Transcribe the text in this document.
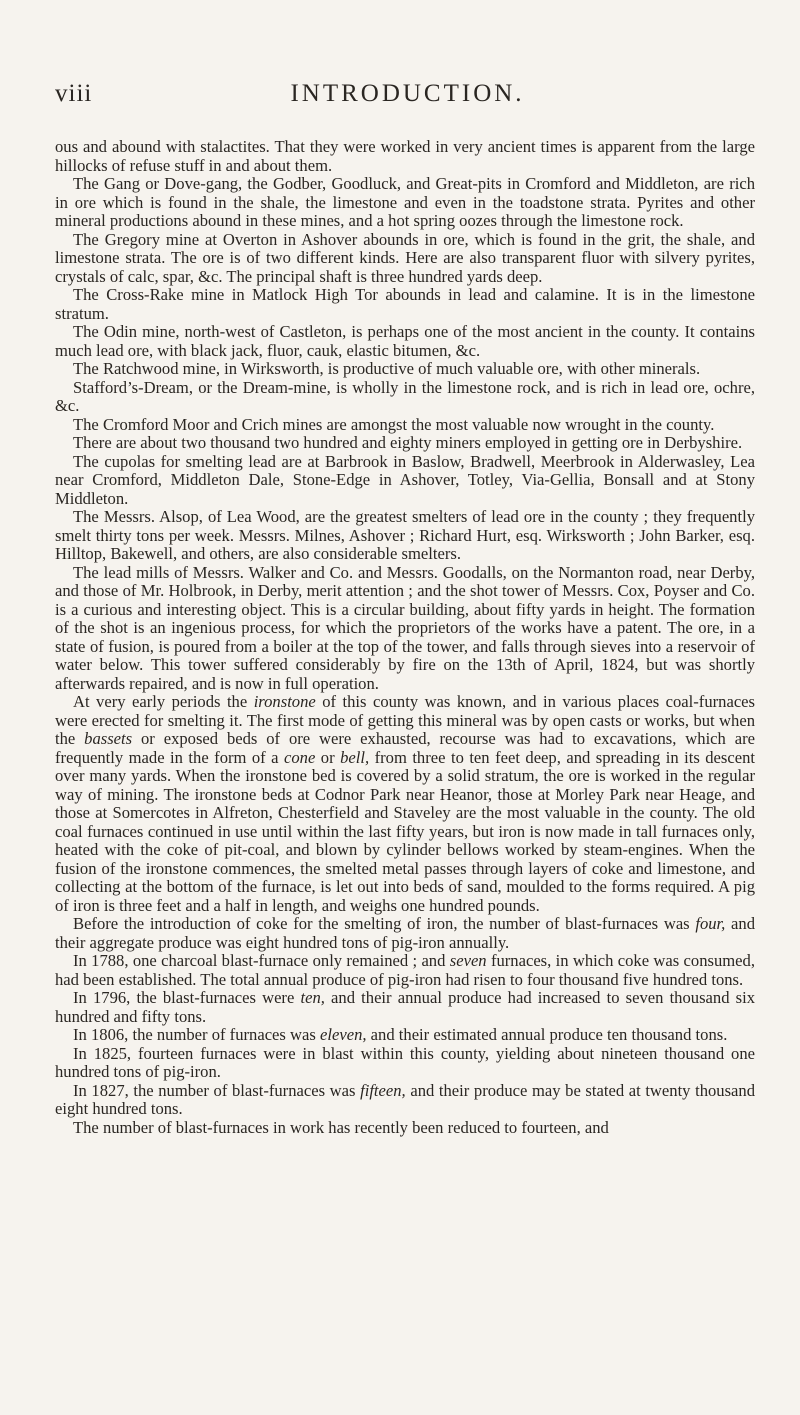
viii	INTRODUCTION.

ous and abound with stalactites. That they were worked in very ancient times is apparent from the large hillocks of refuse stuff in and about them.

The Gang or Dove-gang, the Godber, Goodluck, and Great-pits in Cromford and Middleton, are rich in ore which is found in the shale, the limestone and even in the toadstone strata. Pyrites and other mineral productions abound in these mines, and a hot spring oozes through the limestone rock.

The Gregory mine at Overton in Ashover abounds in ore, which is found in the grit, the shale, and limestone strata. The ore is of two different kinds. Here are also transparent fluor with silvery pyrites, crystals of calc, spar, &c. The principal shaft is three hundred yards deep.

The Cross-Rake mine in Matlock High Tor abounds in lead and calamine. It is in the limestone stratum.

The Odin mine, north-west of Castleton, is perhaps one of the most ancient in the county. It contains much lead ore, with black jack, fluor, cauk, elastic bitumen, &c.

The Ratchwood mine, in Wirksworth, is productive of much valuable ore, with other minerals.

Stafford’s-Dream, or the Dream-mine, is wholly in the limestone rock, and is rich in lead ore, ochre, &c.

The Cromford Moor and Crich mines are amongst the most valuable now wrought in the county.

There are about two thousand two hundred and eighty miners employed in getting ore in Derbyshire.

The cupolas for smelting lead are at Barbrook in Baslow, Bradwell, Meerbrook in Alderwasley, Lea near Cromford, Middleton Dale, Stone-Edge in Ashover, Totley, Via-Gellia, Bonsall and at Stony Middleton.

The Messrs. Alsop, of Lea Wood, are the greatest smelters of lead ore in the county ; they frequently smelt thirty tons per week. Messrs. Milnes, Ashover ; Richard Hurt, esq. Wirksworth ; John Barker, esq. Hilltop, Bakewell, and others, are also considerable smelters.

The lead mills of Messrs. Walker and Co. and Messrs. Goodalls, on the Normanton road, near Derby, and those of Mr. Holbrook, in Derby, merit attention ; and the shot tower of Messrs. Cox, Poyser and Co. is a curious and interesting object. This is a circular building, about fifty yards in height. The formation of the shot is an ingenious process, for which the proprietors of the works have a patent. The ore, in a state of fusion, is poured from a boiler at the top of the tower, and falls through sieves into a reservoir of water below. This tower suffered considerably by fire on the 13th of April, 1824, but was shortly afterwards repaired, and is now in full operation.

At very early periods the ironstone of this county was known, and in various places coal-furnaces were erected for smelting it. The first mode of getting this mineral was by open casts or works, but when the bassets or exposed beds of ore were exhausted, recourse was had to excavations, which are frequently made in the form of a cone or bell, from three to ten feet deep, and spreading in its descent over many yards. When the ironstone bed is covered by a solid stratum, the ore is worked in the regular way of mining. The ironstone beds at Codnor Park near Heanor, those at Morley Park near Heage, and those at Somercotes in Alfreton, Chesterfield and Staveley are the most valuable in the county. The old coal furnaces continued in use until within the last fifty years, but iron is now made in tall furnaces only, heated with the coke of pit-coal, and blown by cylinder bellows worked by steam-engines. When the fusion of the ironstone commences, the smelted metal passes through layers of coke and limestone, and collecting at the bottom of the furnace, is let out into beds of sand, moulded to the forms required. A pig of iron is three feet and a half in length, and weighs one hundred pounds.

Before the introduction of coke for the smelting of iron, the number of blast-furnaces was four, and their aggregate produce was eight hundred tons of pig-iron annually.

In 1788, one charcoal blast-furnace only remained ; and seven furnaces, in which coke was consumed, had been established. The total annual produce of pig-iron had risen to four thousand five hundred tons.

In 1796, the blast-furnaces were ten, and their annual produce had increased to seven thousand six hundred and fifty tons.

In 1806, the number of furnaces was eleven, and their estimated annual produce ten thousand tons.

In 1825, fourteen furnaces were in blast within this county, yielding about nineteen thousand one hundred tons of pig-iron.

In 1827, the number of blast-furnaces was fifteen, and their produce may be stated at twenty thousand eight hundred tons.

The number of blast-furnaces in work has recently been reduced to fourteen, and
